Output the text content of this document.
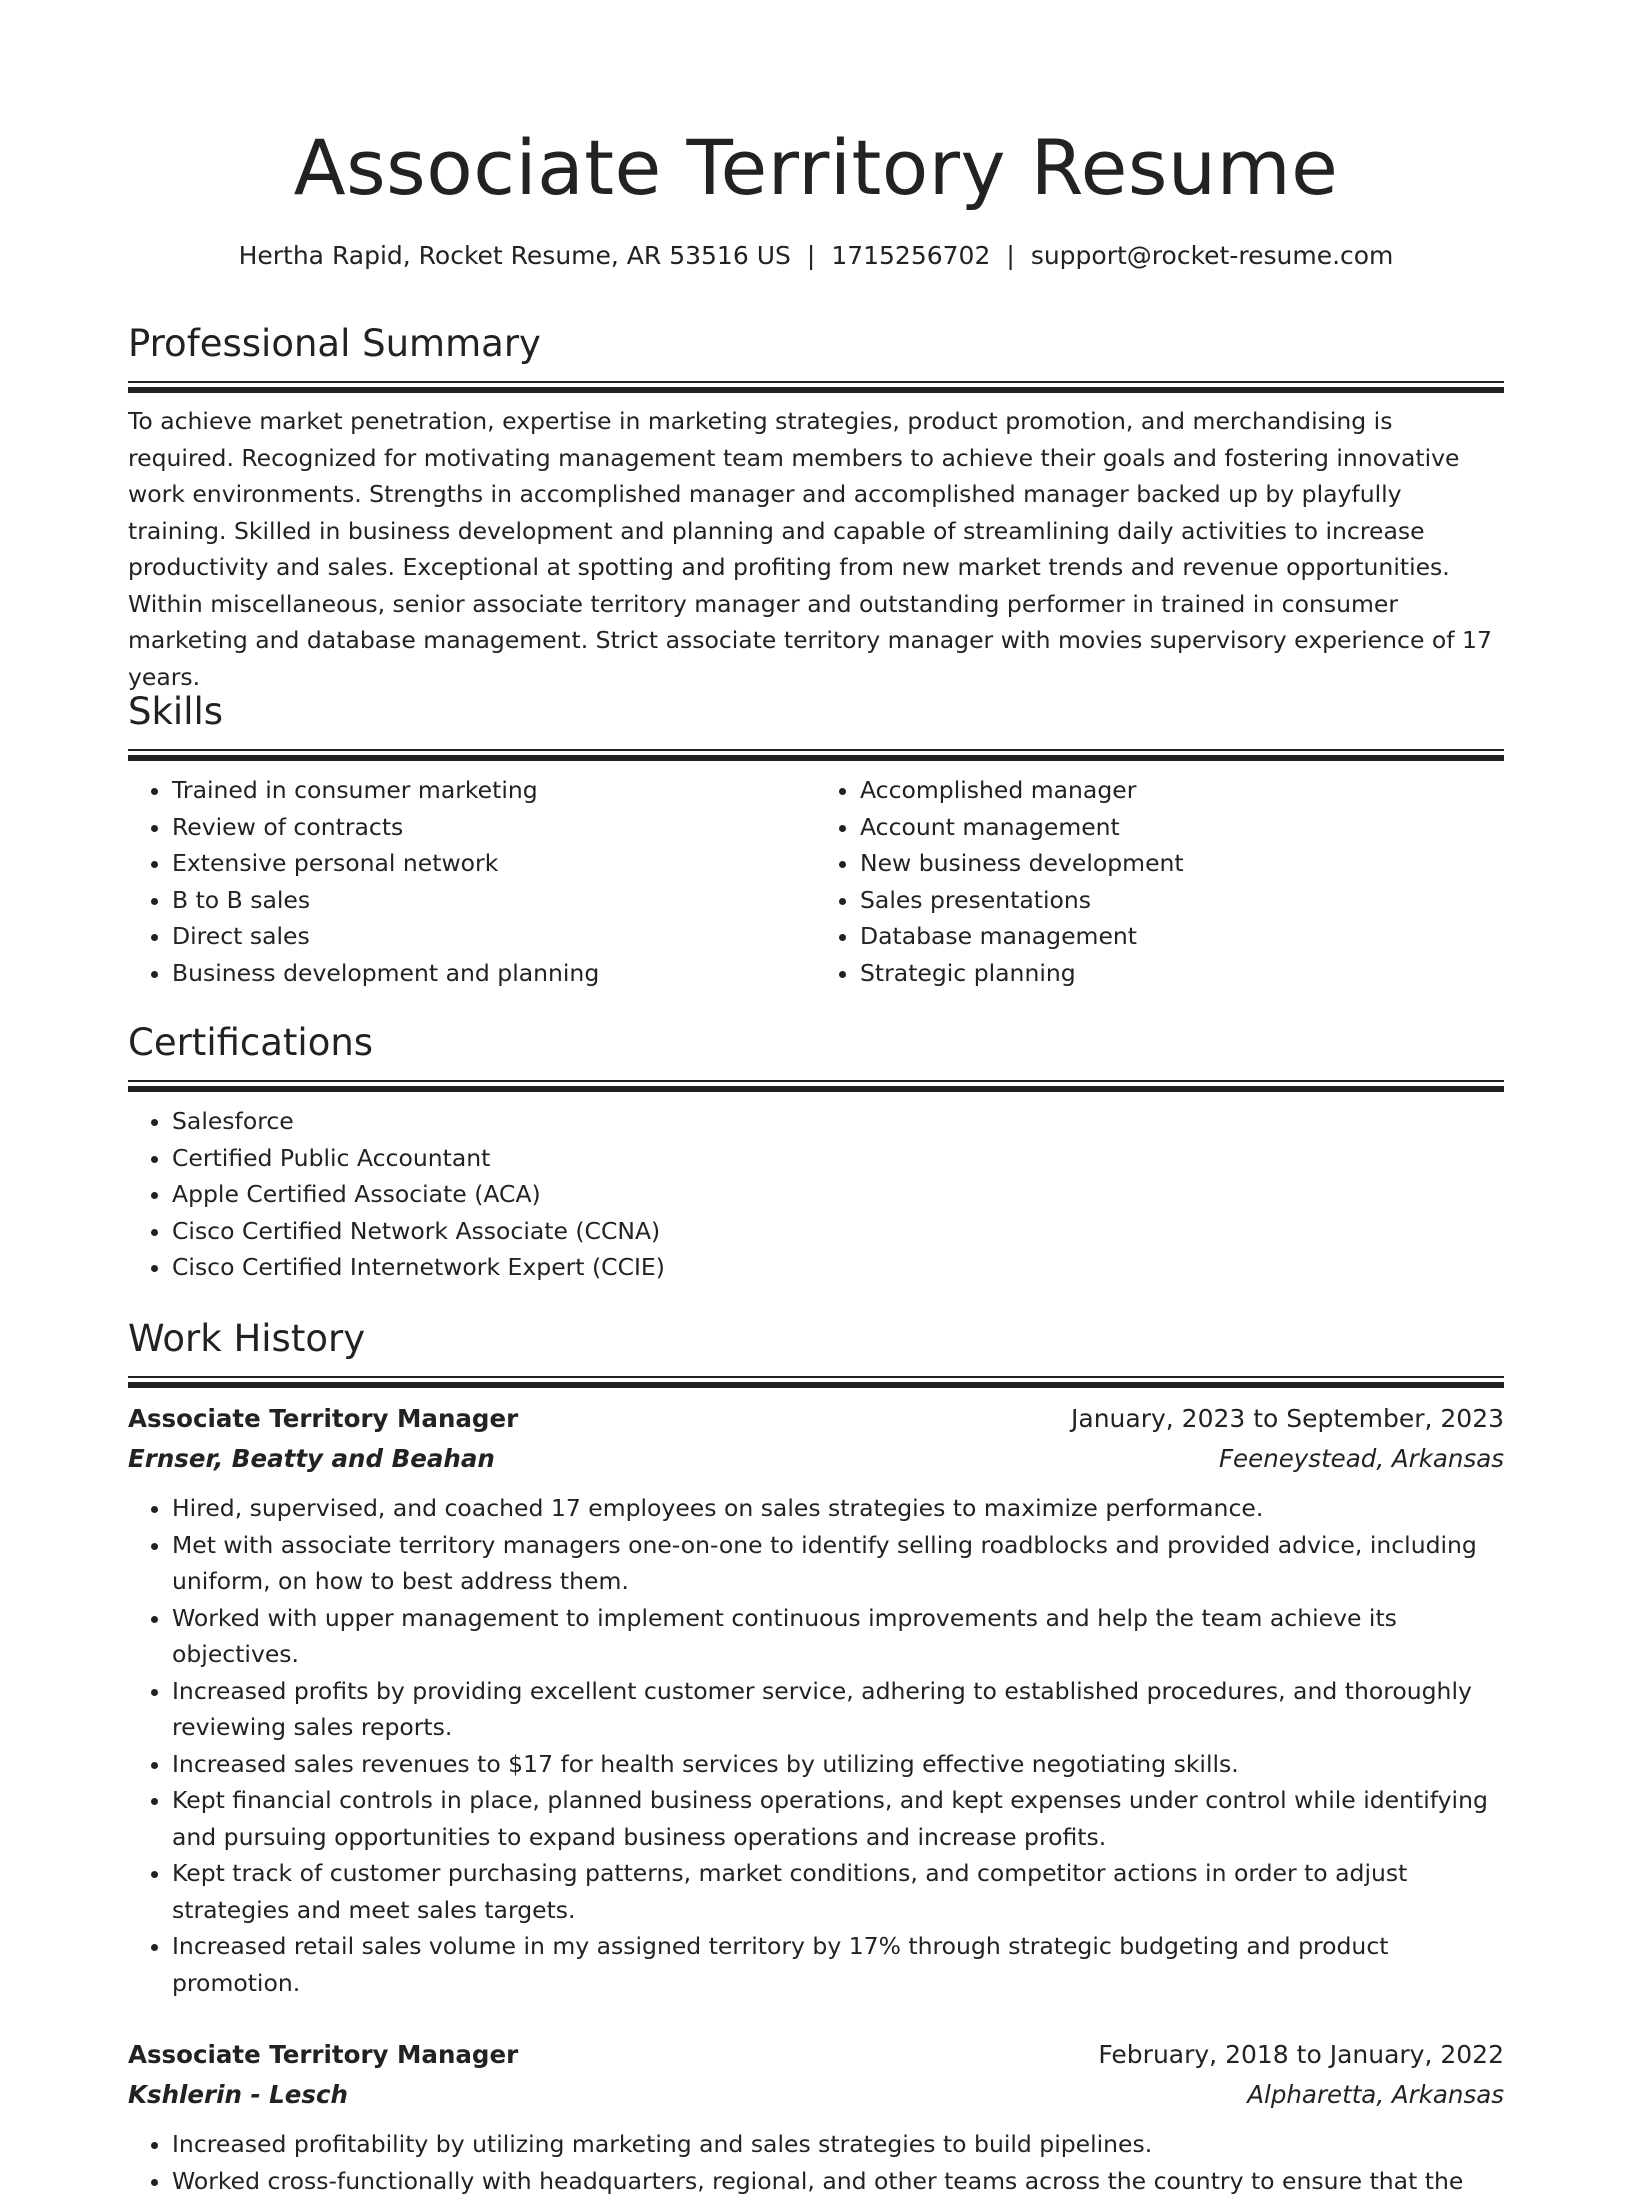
Associate Territory Resume
Hertha Rapid, Rocket Resume, AR 53516 US | 1715256702 | support@rocket-resume.com
Professional Summary

To achieve market penetration, expertise in marketing strategies, product promotion, and merchandising is required. Recognized for motivating management team members to achieve their goals and fostering innovative work environments. Strengths in accomplished manager and accomplished manager backed up by playfully training. Skilled in business development and planning and capable of streamlining daily activities to increase productivity and sales. Exceptional at spotting and profiting from new market trends and revenue opportunities. Within miscellaneous, senior associate territory manager and outstanding performer in trained in consumer marketing and database management. Strict associate territory manager with movies supervisory experience of 17 years.

Skills
• Trained in consumer marketing
• Review of contracts
• Extensive personal network
• B to B sales
• Direct sales
• Business development and planning
• Accomplished manager
• Account management
• New business development
• Sales presentations
• Database management
• Strategic planning
Certifications
• Salesforce
• Certified Public Accountant
• Apple Certified Associate (ACA)
• Cisco Certified Network Associate (CCNA)
• Cisco Certified Internetwork Expert (CCIE)
Work History
Associate Territory Manager	January, 2023 to September, 2023
Ernser, Beatty and Beahan	Feeneystead, Arkansas
• Hired, supervised, and coached 17 employees on sales strategies to maximize performance.
• Met with associate territory managers one-on-one to identify selling roadblocks and provided advice, including uniform, on how to best address them.
• Worked with upper management to implement continuous improvements and help the team achieve its objectives.
• Increased profits by providing excellent customer service, adhering to established procedures, and thoroughly reviewing sales reports.
• Increased sales revenues to $17 for health services by utilizing effective negotiating skills.
• Kept financial controls in place, planned business operations, and kept expenses under control while identifying and pursuing opportunities to expand business operations and increase profits.
• Kept track of customer purchasing patterns, market conditions, and competitor actions in order to adjust strategies and meet sales targets.
• Increased retail sales volume in my assigned territory by 17% through strategic budgeting and product promotion.
Associate Territory Manager	February, 2018 to January, 2022
Kshlerin - Lesch	Alpharetta, Arkansas
• Increased profitability by utilizing marketing and sales strategies to build pipelines.
• Worked cross-functionally with headquarters, regional, and other teams across the country to ensure that the
